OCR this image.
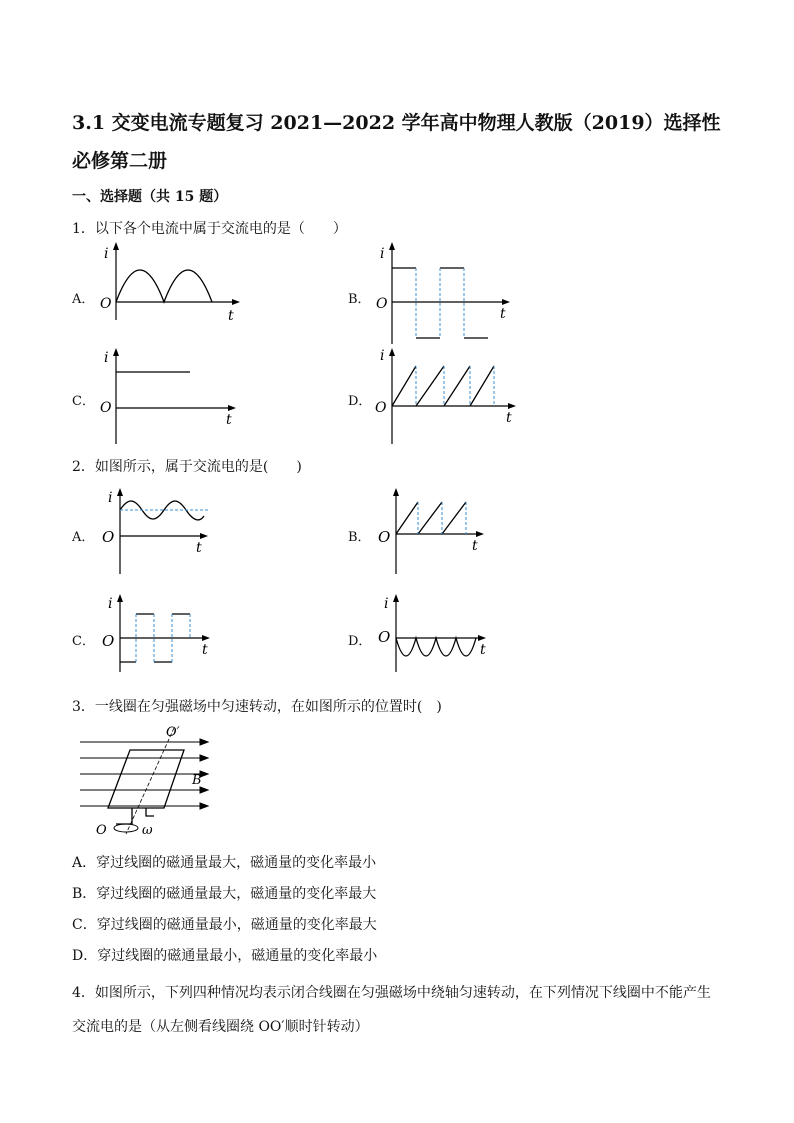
3.1 交变电流专题复习 2021—2022 学年高中物理人教版（2019）选择性必修第二册
一、选择题（共 15 题）
1．以下各个电流中属于交流电的是（　　）
A．	B．
C．	D．
i
O
t
i
O
t
i
O
t
i
O
t
2．如图所示，属于交流电的是(　　)
A．	B．
C．	D．
i
O
t
O	t
i
O	t
i
O
t
3．一线圈在匀强磁场中匀速转动，在如图所示的位置时(　)
O′
B
O	ω
A．穿过线圈的磁通量最大，磁通量的变化率最小
B．穿过线圈的磁通量最大，磁通量的变化率最大
C．穿过线圈的磁通量最小，磁通量的变化率最大
D．穿过线圈的磁通量最小，磁通量的变化率最小
4．如图所示，下列四种情况均表示闭合线圈在匀强磁场中绕轴匀速转动，在下列情况下线圈中不能产生交流电的是（从左侧看线圈绕 OO′顺时针转动）
